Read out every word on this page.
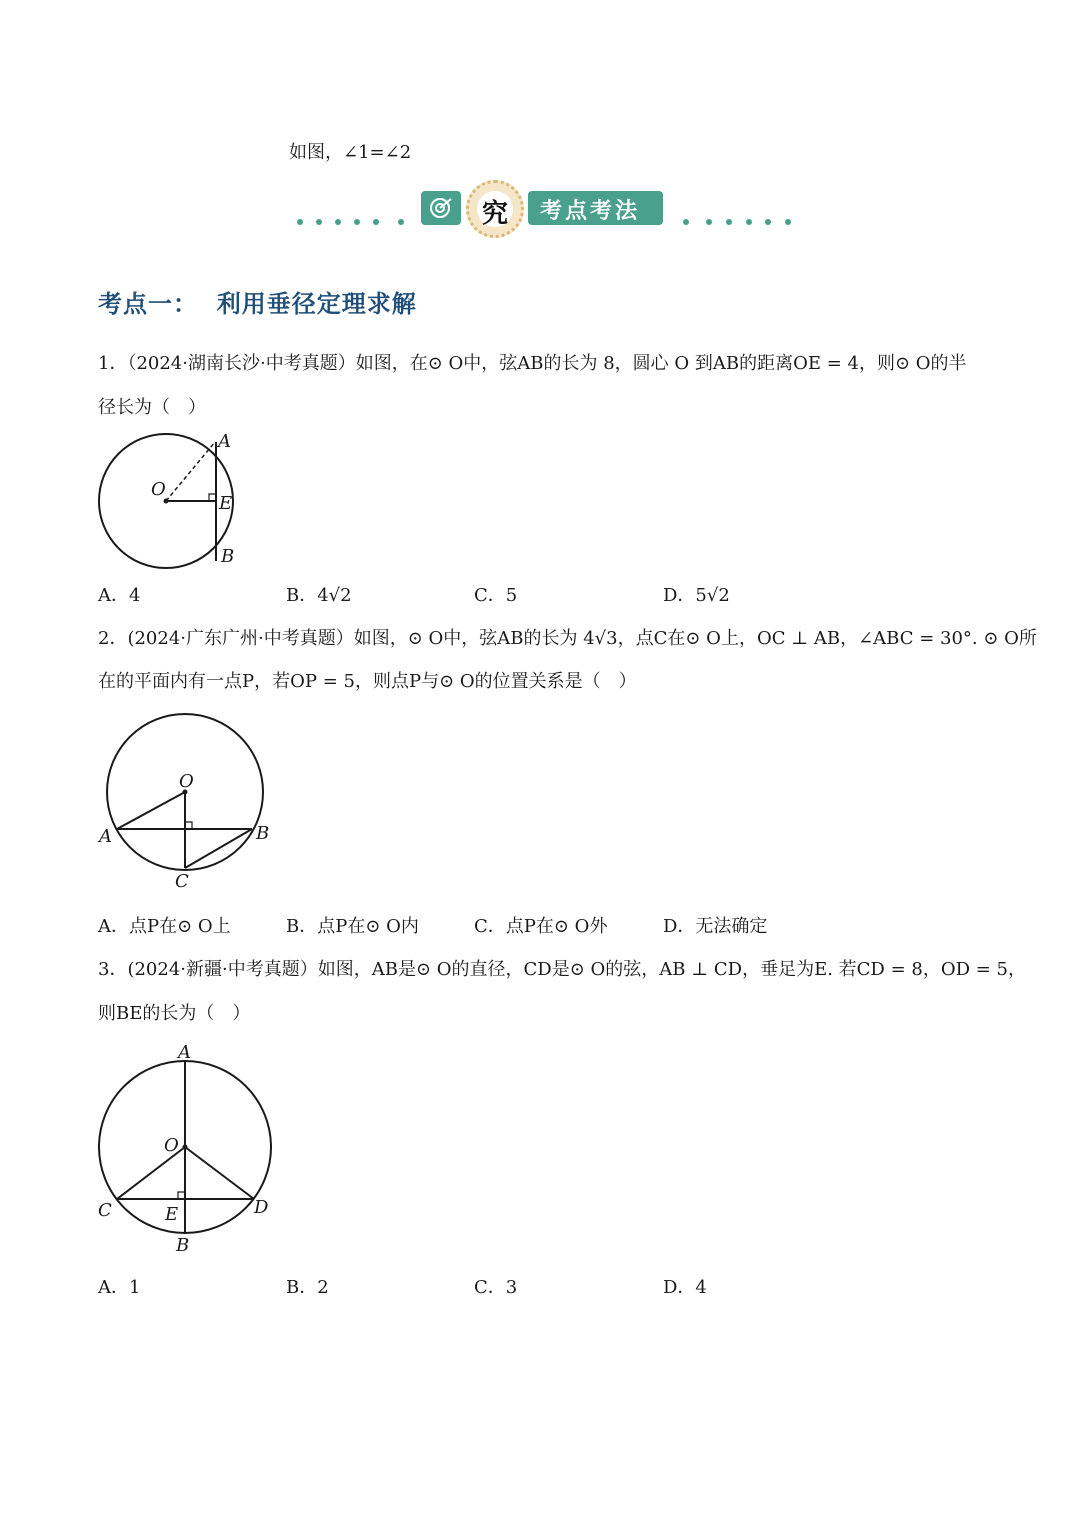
如图，∠1=∠2
究	考点考法
考点一：  利用垂径定理求解
1．（2024·湖南长沙·中考真题）如图，在⊙ O中，弦AB的长为 8，圆心 O 到AB的距离OE = 4，则⊙ O的半
径长为（　）
A
O
E
B
A．4	B．4√2	C．5	D．5√2
2．(2024·广东广州·中考真题）如图，⊙ O中，弦AB的长为 4√3，点C在⊙ O上，OC ⊥ AB，∠ABC = 30°. ⊙ O所
在的平面内有一点P，若OP = 5，则点P与⊙ O的位置关系是（　）
O
A	B
C
A．点P在⊙ O上	B．点P在⊙ O内	C．点P在⊙ O外	D．无法确定
3．(2024·新疆·中考真题）如图，AB是⊙ O的直径，CD是⊙ O的弦，AB ⊥ CD，垂足为E. 若CD = 8，OD = 5，
则BE的长为（　）
A
O
C	E	D
B
A．1	B．2	C．3	D．4
